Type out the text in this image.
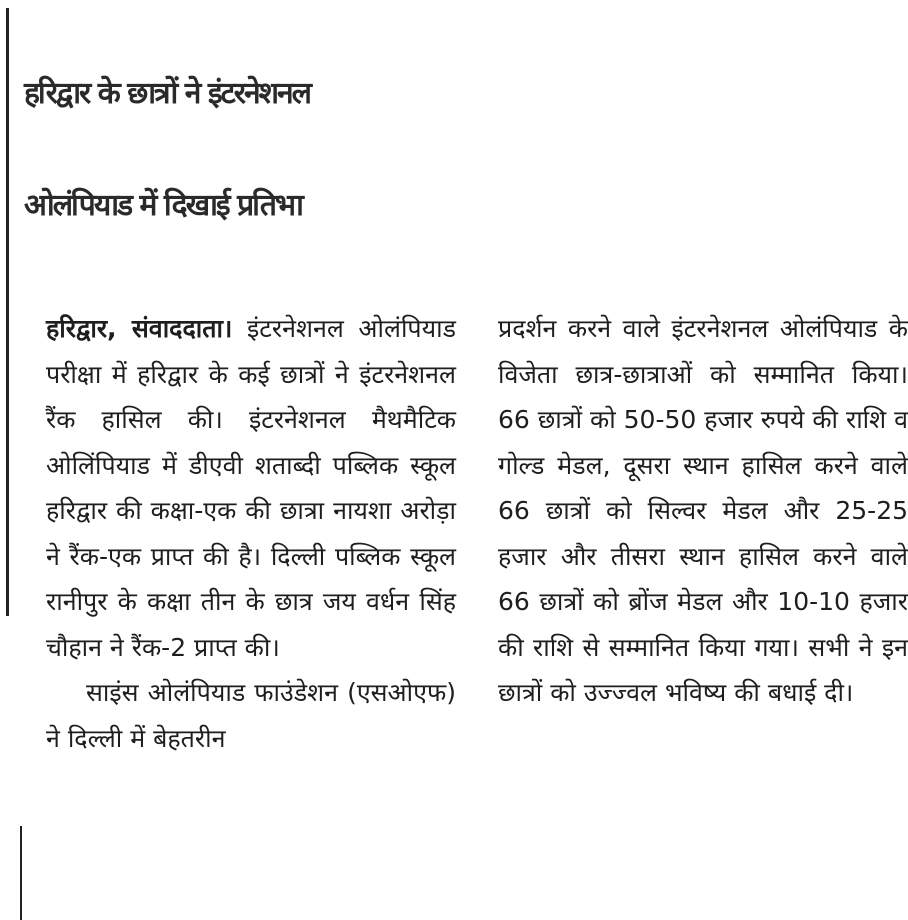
हरिद्वार के छात्रों ने इंटरनेशनल
ओलंपियाड में दिखाई प्रतिभा

हरिद्वार, संवाददाता। इंटरनेशनल ओलंपियाड परीक्षा में हरिद्वार के कई छात्रों ने इंटरनेशनल रैंक हासिल की। इंटरनेशनल मैथमैटिक ओलिंपियाड में डीएवी शताब्दी पब्लिक स्कूल हरिद्वार की कक्षा-एक की छात्रा नायशा अरोड़ा ने रैंक-एक प्राप्त की है। दिल्ली पब्लिक स्कूल रानीपुर के कक्षा तीन के छात्र जय वर्धन सिंह चौहान ने रैंक-2 प्राप्त की।

साइंस ओलंपियाड फाउंडेशन (एसओएफ) ने दिल्ली में बेहतरीन

प्रदर्शन करने वाले इंटरनेशनल ओलंपियाड के विजेता छात्र-छात्राओं को सम्मानित किया। 66 छात्रों को 50-50 हजार रुपये की राशि व गोल्ड मेडल, दूसरा स्थान हासिल करने वाले 66 छात्रों को सिल्वर मेडल और 25-25 हजार और तीसरा स्थान हासिल करने वाले 66 छात्रों को ब्रोंज मेडल और 10-10 हजार की राशि से सम्मानित किया गया। सभी ने इन छात्रों को उज्ज्वल भविष्य की बधाई दी।
